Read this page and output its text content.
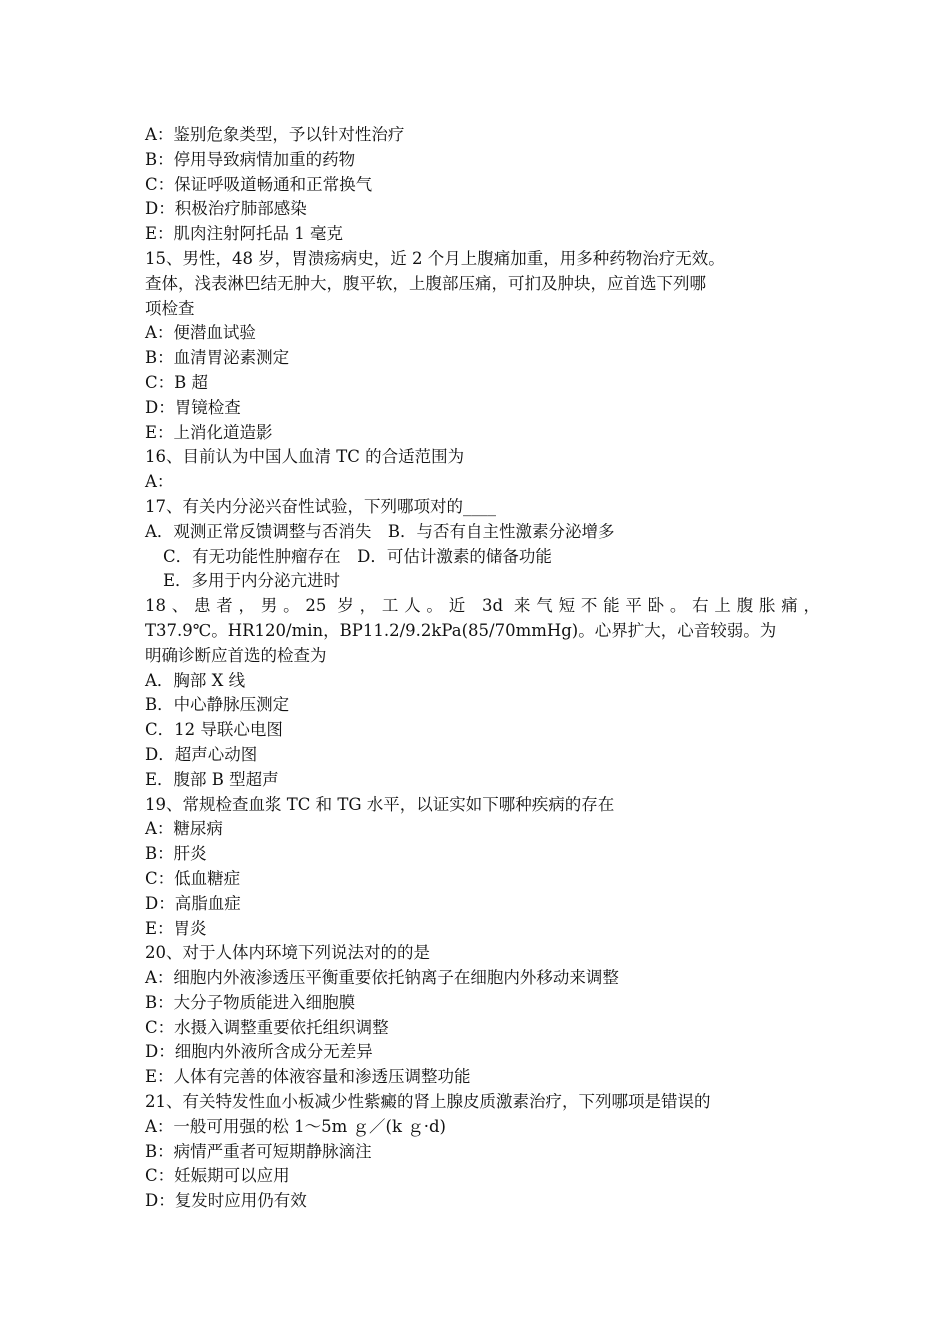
A：鉴别危象类型，予以针对性治疗
B：停用导致病情加重的药物
C：保证呼吸道畅通和正常换气
D：积极治疗肺部感染
E：肌肉注射阿托品 1 毫克
15、男性，48 岁，胃溃疡病史，近 2 个月上腹痛加重，用多种药物治疗无效。
查体，浅表淋巴结无肿大，腹平软，上腹部压痛，可扪及肿块，应首选下列哪
项检查
A：便潜血试验
B：血清胃泌素测定
C：B 超
D：胃镜检查
E：上消化道造影
16、目前认为中国人血清 TC 的合适范围为
A：
17、有关内分泌兴奋性试验，下列哪项对的____
A．观测正常反馈调整与否消失　B．与否有自主性激素分泌增多
C．有无功能性肿瘤存在　D．可估计激素的储备功能
E．多用于内分泌亢进时
18、患者，男。25 岁，工人。近 3d 来气短不能平卧。右上腹胀痛，
T37.9℃。HR120/min，BP11.2/9.2kPa(85/70mmHg)。心界扩大，心音较弱。为
明确诊断应首选的检查为
A．胸部 X 线
B．中心静脉压测定
C．12 导联心电图
D．超声心动图
E．腹部 B 型超声
19、常规检查血浆 TC 和 TG 水平，以证实如下哪种疾病的存在
A：糖尿病
B：肝炎
C：低血糖症
D：高脂血症
E：胃炎
20、对于人体内环境下列说法对的的是
A：细胞内外液渗透压平衡重要依托钠离子在细胞内外移动来调整
B：大分子物质能进入细胞膜
C：水摄入调整重要依托组织调整
D：细胞内外液所含成分无差异
E：人体有完善的体液容量和渗透压调整功能
21、有关特发性血小板减少性紫癜的肾上腺皮质激素治疗，下列哪项是错误的
A：一般可用强的松 1～5m ｇ／(k ｇ·d)
B：病情严重者可短期静脉滴注
C：妊娠期可以应用
D：复发时应用仍有效
